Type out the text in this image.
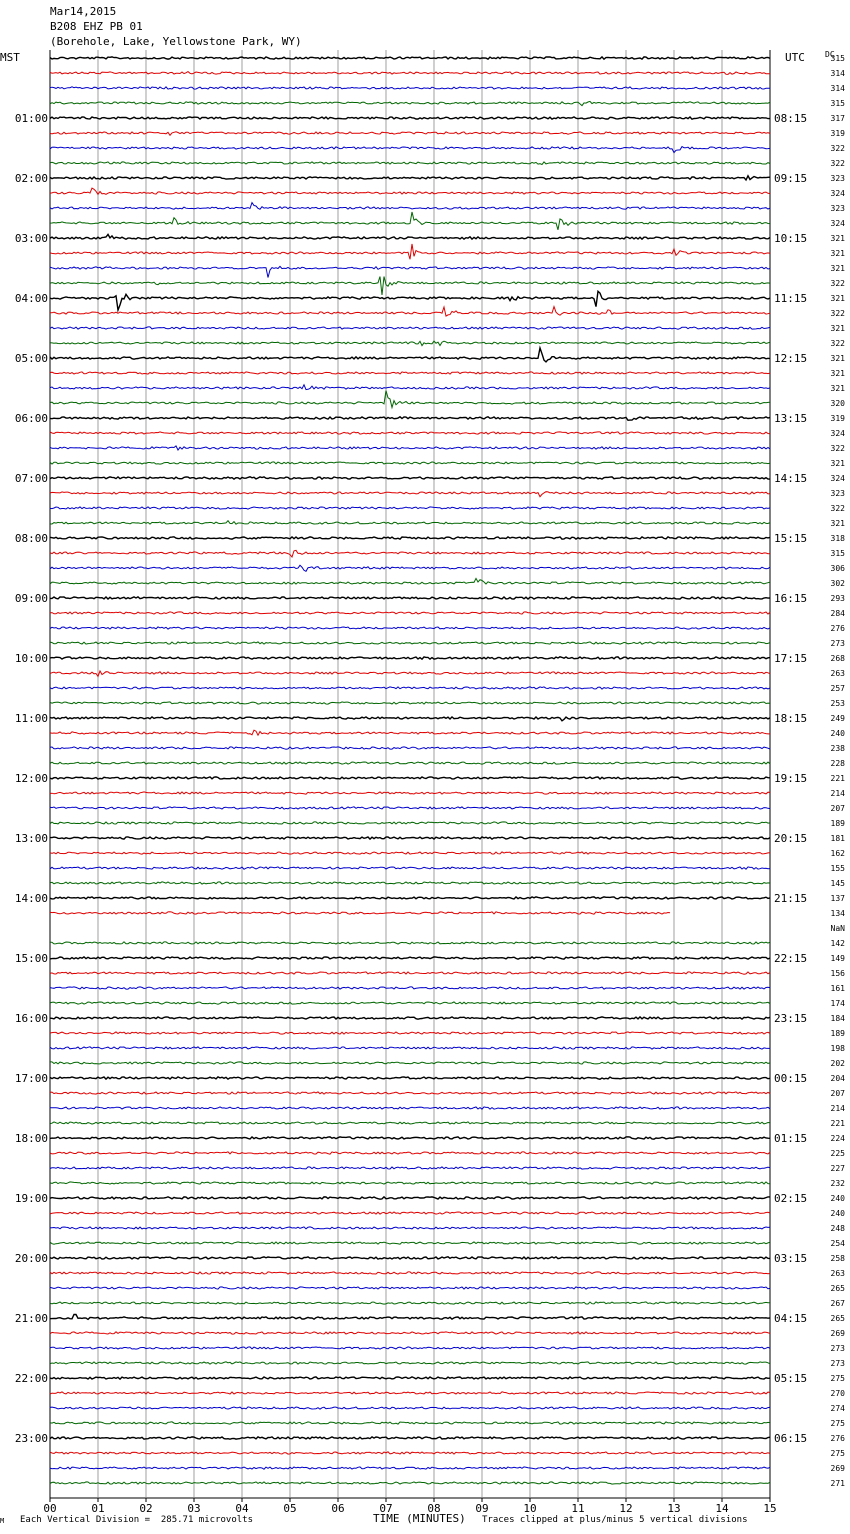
Mar14,2015
B208 EHZ PB 01
(Borehole, Lake, Yellowstone Park, WY)
MST	UTC	DC
00	01	02	03	04	05	06	07	08	09	10	11	12	13	14	15
315
314
314
315
317
01:00	08:15
319
322
322
323
02:00	09:15
324
323
324
321
03:00	10:15
321
321
322
321
04:00	11:15
322
321
322
321
05:00	12:15
321
321
320
319
06:00	13:15
324
322
321
324
07:00	14:15
323
322
321
318
08:00	15:15
315
306
302
293
09:00	16:15
284
276
273
268
10:00	17:15
263
257
253
249
11:00	18:15
240
238
228
221
12:00	19:15
214
207
189
181
13:00	20:15
162
155
145
137
14:00	21:15
134
NaN
142
149
15:00	22:15
156
161
174
184
16:00	23:15
189
198
202
204
17:00	00:15
207
214
221
224
18:00	01:15
225
227
232
240
19:00	02:15
240
248
254
258
20:00	03:15
263
265
267
265
21:00	04:15
269
273
273
275
22:00	05:15
270
274
275
276
23:00	06:15
275
269
271
M Each Vertical Division =  285.71 microvolts	TIME (MINUTES) Traces clipped at plus/minus 5 vertical divisions
